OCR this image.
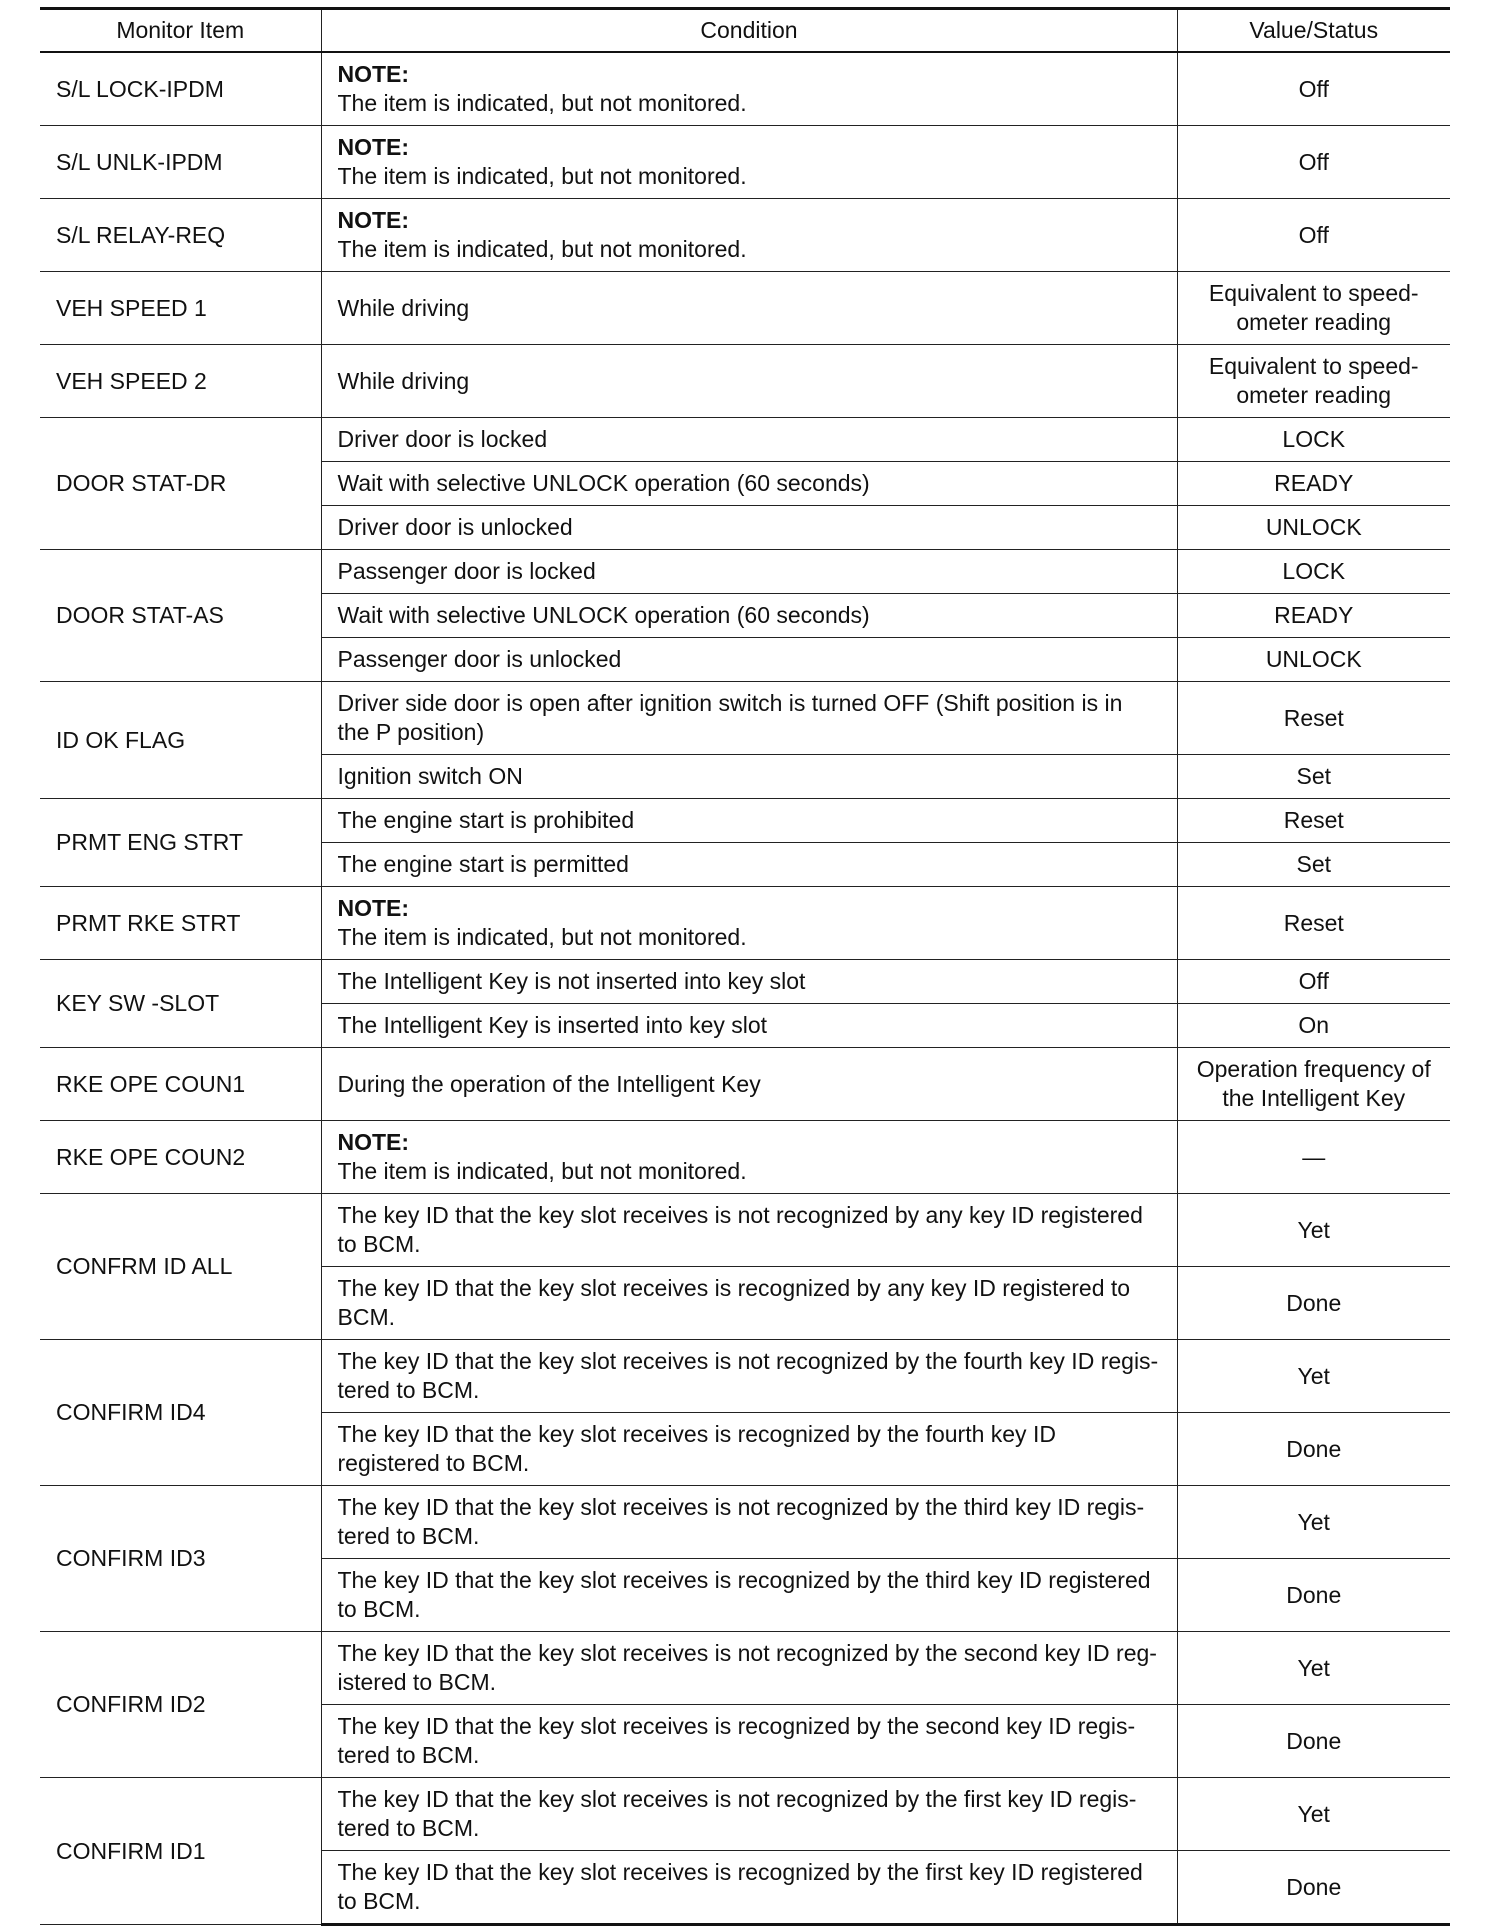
Monitor Item	Condition	Value/Status
S/L LOCK-IPDM	NOTE:
The item is indicated, but not monitored.	Off
S/L UNLK-IPDM	NOTE:
The item is indicated, but not monitored.	Off
S/L RELAY-REQ	NOTE:
The item is indicated, but not monitored.	Off
VEH SPEED 1	While driving	Equivalent to speed-ometer reading
VEH SPEED 2	While driving	Equivalent to speed-ometer reading
DOOR STAT-DR	Driver door is locked	LOCK
	Wait with selective UNLOCK operation (60 seconds)	READY
	Driver door is unlocked	UNLOCK
DOOR STAT-AS	Passenger door is locked	LOCK
	Wait with selective UNLOCK operation (60 seconds)	READY
	Passenger door is unlocked	UNLOCK
ID OK FLAG	Driver side door is open after ignition switch is turned OFF (Shift position is in the P position)	Reset
	Ignition switch ON	Set
PRMT ENG STRT	The engine start is prohibited	Reset
	The engine start is permitted	Set
PRMT RKE STRT	NOTE:
The item is indicated, but not monitored.	Reset
KEY SW -SLOT	The Intelligent Key is not inserted into key slot	Off
	The Intelligent Key is inserted into key slot	On
RKE OPE COUN1	During the operation of the Intelligent Key	Operation frequency of the Intelligent Key
RKE OPE COUN2	NOTE:
The item is indicated, but not monitored.	—
CONFRM ID ALL	The key ID that the key slot receives is not recognized by any key ID registered to BCM.	Yet
	The key ID that the key slot receives is recognized by any key ID registered to BCM.	Done
CONFIRM ID4	The key ID that the key slot receives is not recognized by the fourth key ID regis-tered to BCM.	Yet
	The key ID that the key slot receives is recognized by the fourth key ID registered to BCM.	Done
CONFIRM ID3	The key ID that the key slot receives is not recognized by the third key ID regis-tered to BCM.	Yet
	The key ID that the key slot receives is recognized by the third key ID registered to BCM.	Done
CONFIRM ID2	The key ID that the key slot receives is not recognized by the second key ID reg-istered to BCM.	Yet
	The key ID that the key slot receives is recognized by the second key ID regis-tered to BCM.	Done
CONFIRM ID1	The key ID that the key slot receives is not recognized by the first key ID regis-tered to BCM.	Yet
	The key ID that the key slot receives is recognized by the first key ID registered to BCM.	Done
